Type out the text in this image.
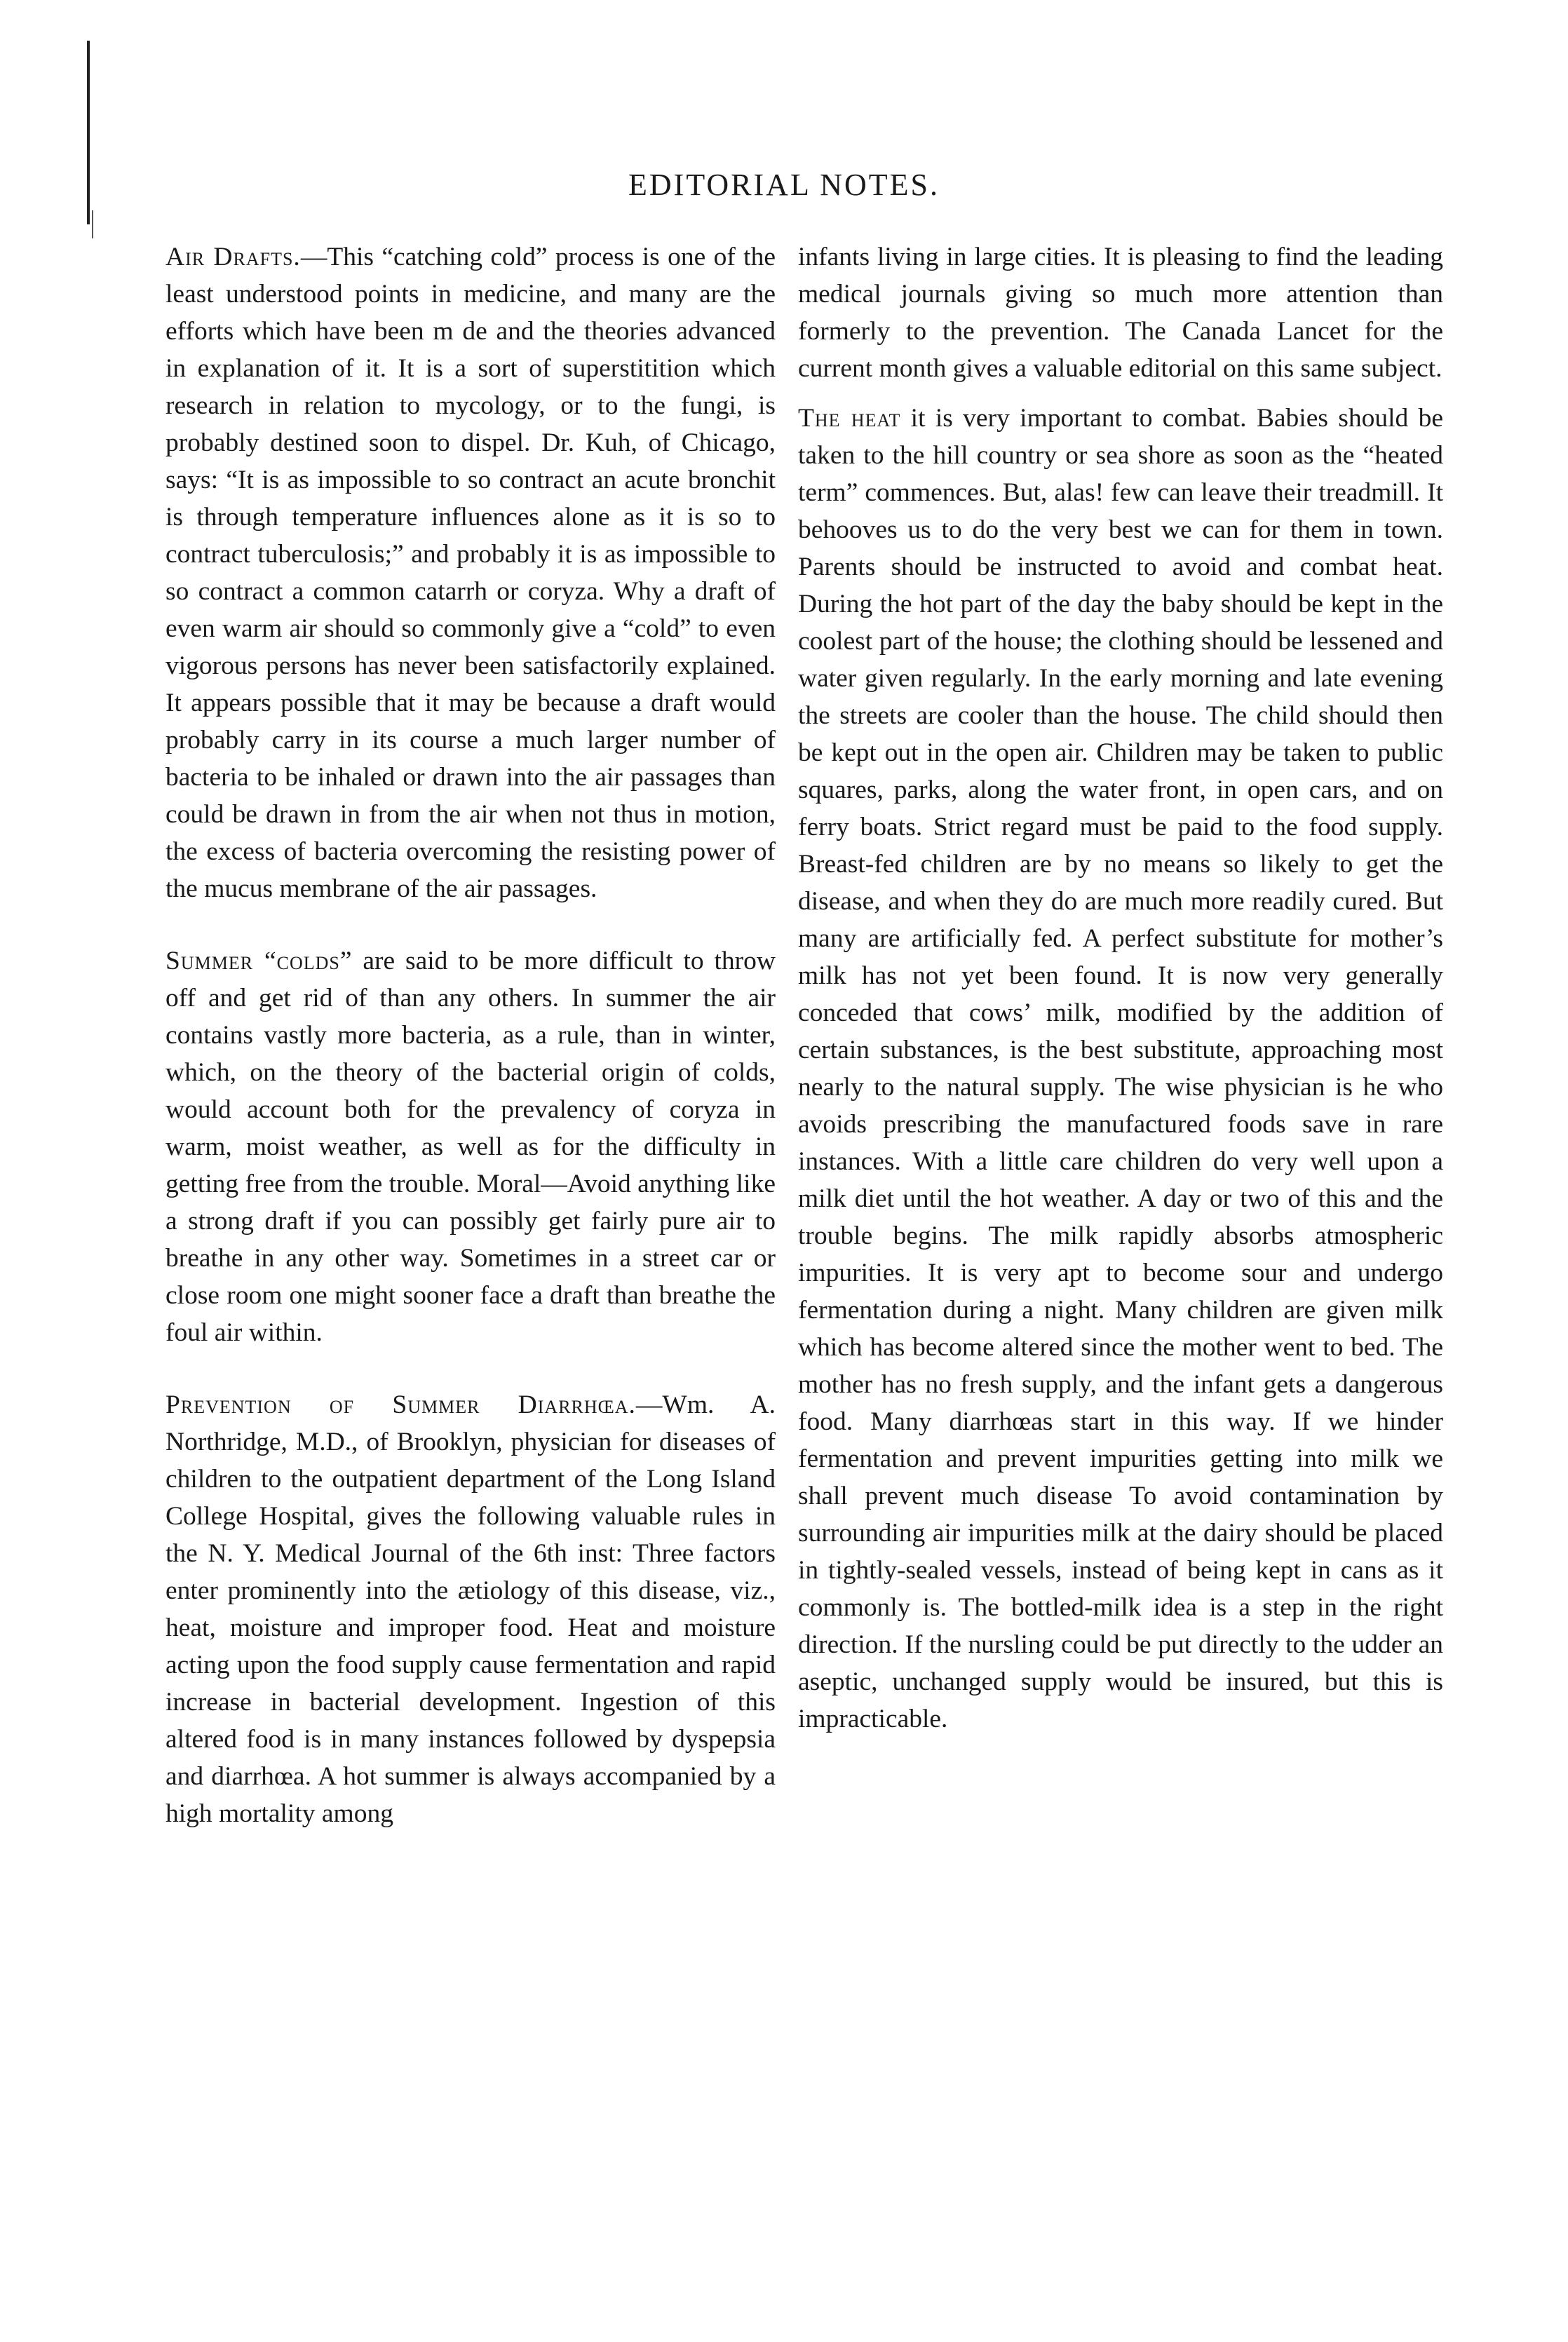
EDITORIAL NOTES.

Air Drafts.—This “catching cold” process is one of the least understood points in medicine, and many are the efforts which have been m de and the theories advanced in explanation of it. It is a sort of superstitition which research in relation to mycology, or to the fungi, is probably destined soon to dispel. Dr. Kuh, of Chicago, says: “It is as impossible to so contract an acute bronchit is through temperature influences alone as it is so to contract tuberculosis;” and probably it is as impossible to so contract a common catarrh or coryza. Why a draft of even warm air should so commonly give a “cold” to even vigorous persons has never been satisfactorily explained. It appears possible that it may be because a draft would probably carry in its course a much larger number of bacteria to be inhaled or drawn into the air passages than could be drawn in from the air when not thus in motion, the excess of bacteria overcoming the resisting power of the mucus membrane of the air passages.

Summer “colds” are said to be more difficult to throw off and get rid of than any others. In summer the air contains vastly more bacteria, as a rule, than in winter, which, on the theory of the bacterial origin of colds, would account both for the prevalency of coryza in warm, moist weather, as well as for the difficulty in getting free from the trouble. Moral—Avoid anything like a strong draft if you can possibly get fairly pure air to breathe in any other way. Sometimes in a street car or close room one might sooner face a draft than breathe the foul air within.

Prevention of Summer Diarrhœa.—Wm. A. Northridge, M.D., of Brooklyn, physician for diseases of children to the outpatient department of the Long Island College Hospital, gives the following valuable rules in the N. Y. Medical Journal of the 6th inst: Three factors enter prominently into the ætiology of this disease, viz., heat, moisture and improper food. Heat and moisture acting upon the food supply cause fermentation and rapid increase in bacterial development. Ingestion of this altered food is in many instances followed by dyspepsia and diarrhœa. A hot summer is always accompanied by a high mortality among

infants living in large cities. It is pleasing to find the leading medical journals giving so much more attention than formerly to the prevention. The Canada Lancet for the current month gives a valuable editorial on this same subject.

The heat it is very important to combat. Babies should be taken to the hill country or sea shore as soon as the “heated term” commences. But, alas! few can leave their treadmill. It behooves us to do the very best we can for them in town. Parents should be instructed to avoid and combat heat. During the hot part of the day the baby should be kept in the coolest part of the house; the clothing should be lessened and water given regularly. In the early morning and late evening the streets are cooler than the house. The child should then be kept out in the open air. Children may be taken to public squares, parks, along the water front, in open cars, and on ferry boats. Strict regard must be paid to the food supply. Breast-fed children are by no means so likely to get the disease, and when they do are much more readily cured. But many are artificially fed. A perfect substitute for mother’s milk has not yet been found. It is now very generally conceded that cows’ milk, modified by the addition of certain substances, is the best substitute, approaching most nearly to the natural supply. The wise physician is he who avoids prescribing the manufactured foods save in rare instances. With a little care children do very well upon a milk diet until the hot weather. A day or two of this and the trouble begins. The milk rapidly absorbs atmospheric impurities. It is very apt to become sour and undergo fermentation during a night. Many children are given milk which has become altered since the mother went to bed. The mother has no fresh supply, and the infant gets a dangerous food. Many diarrhœas start in this way. If we hinder fermentation and prevent impurities getting into milk we shall prevent much disease To avoid contamination by surrounding air impurities milk at the dairy should be placed in tightly-sealed vessels, instead of being kept in cans as it commonly is. The bottled-milk idea is a step in the right direction. If the nursling could be put directly to the udder an aseptic, unchanged supply would be insured, but this is impracticable.
